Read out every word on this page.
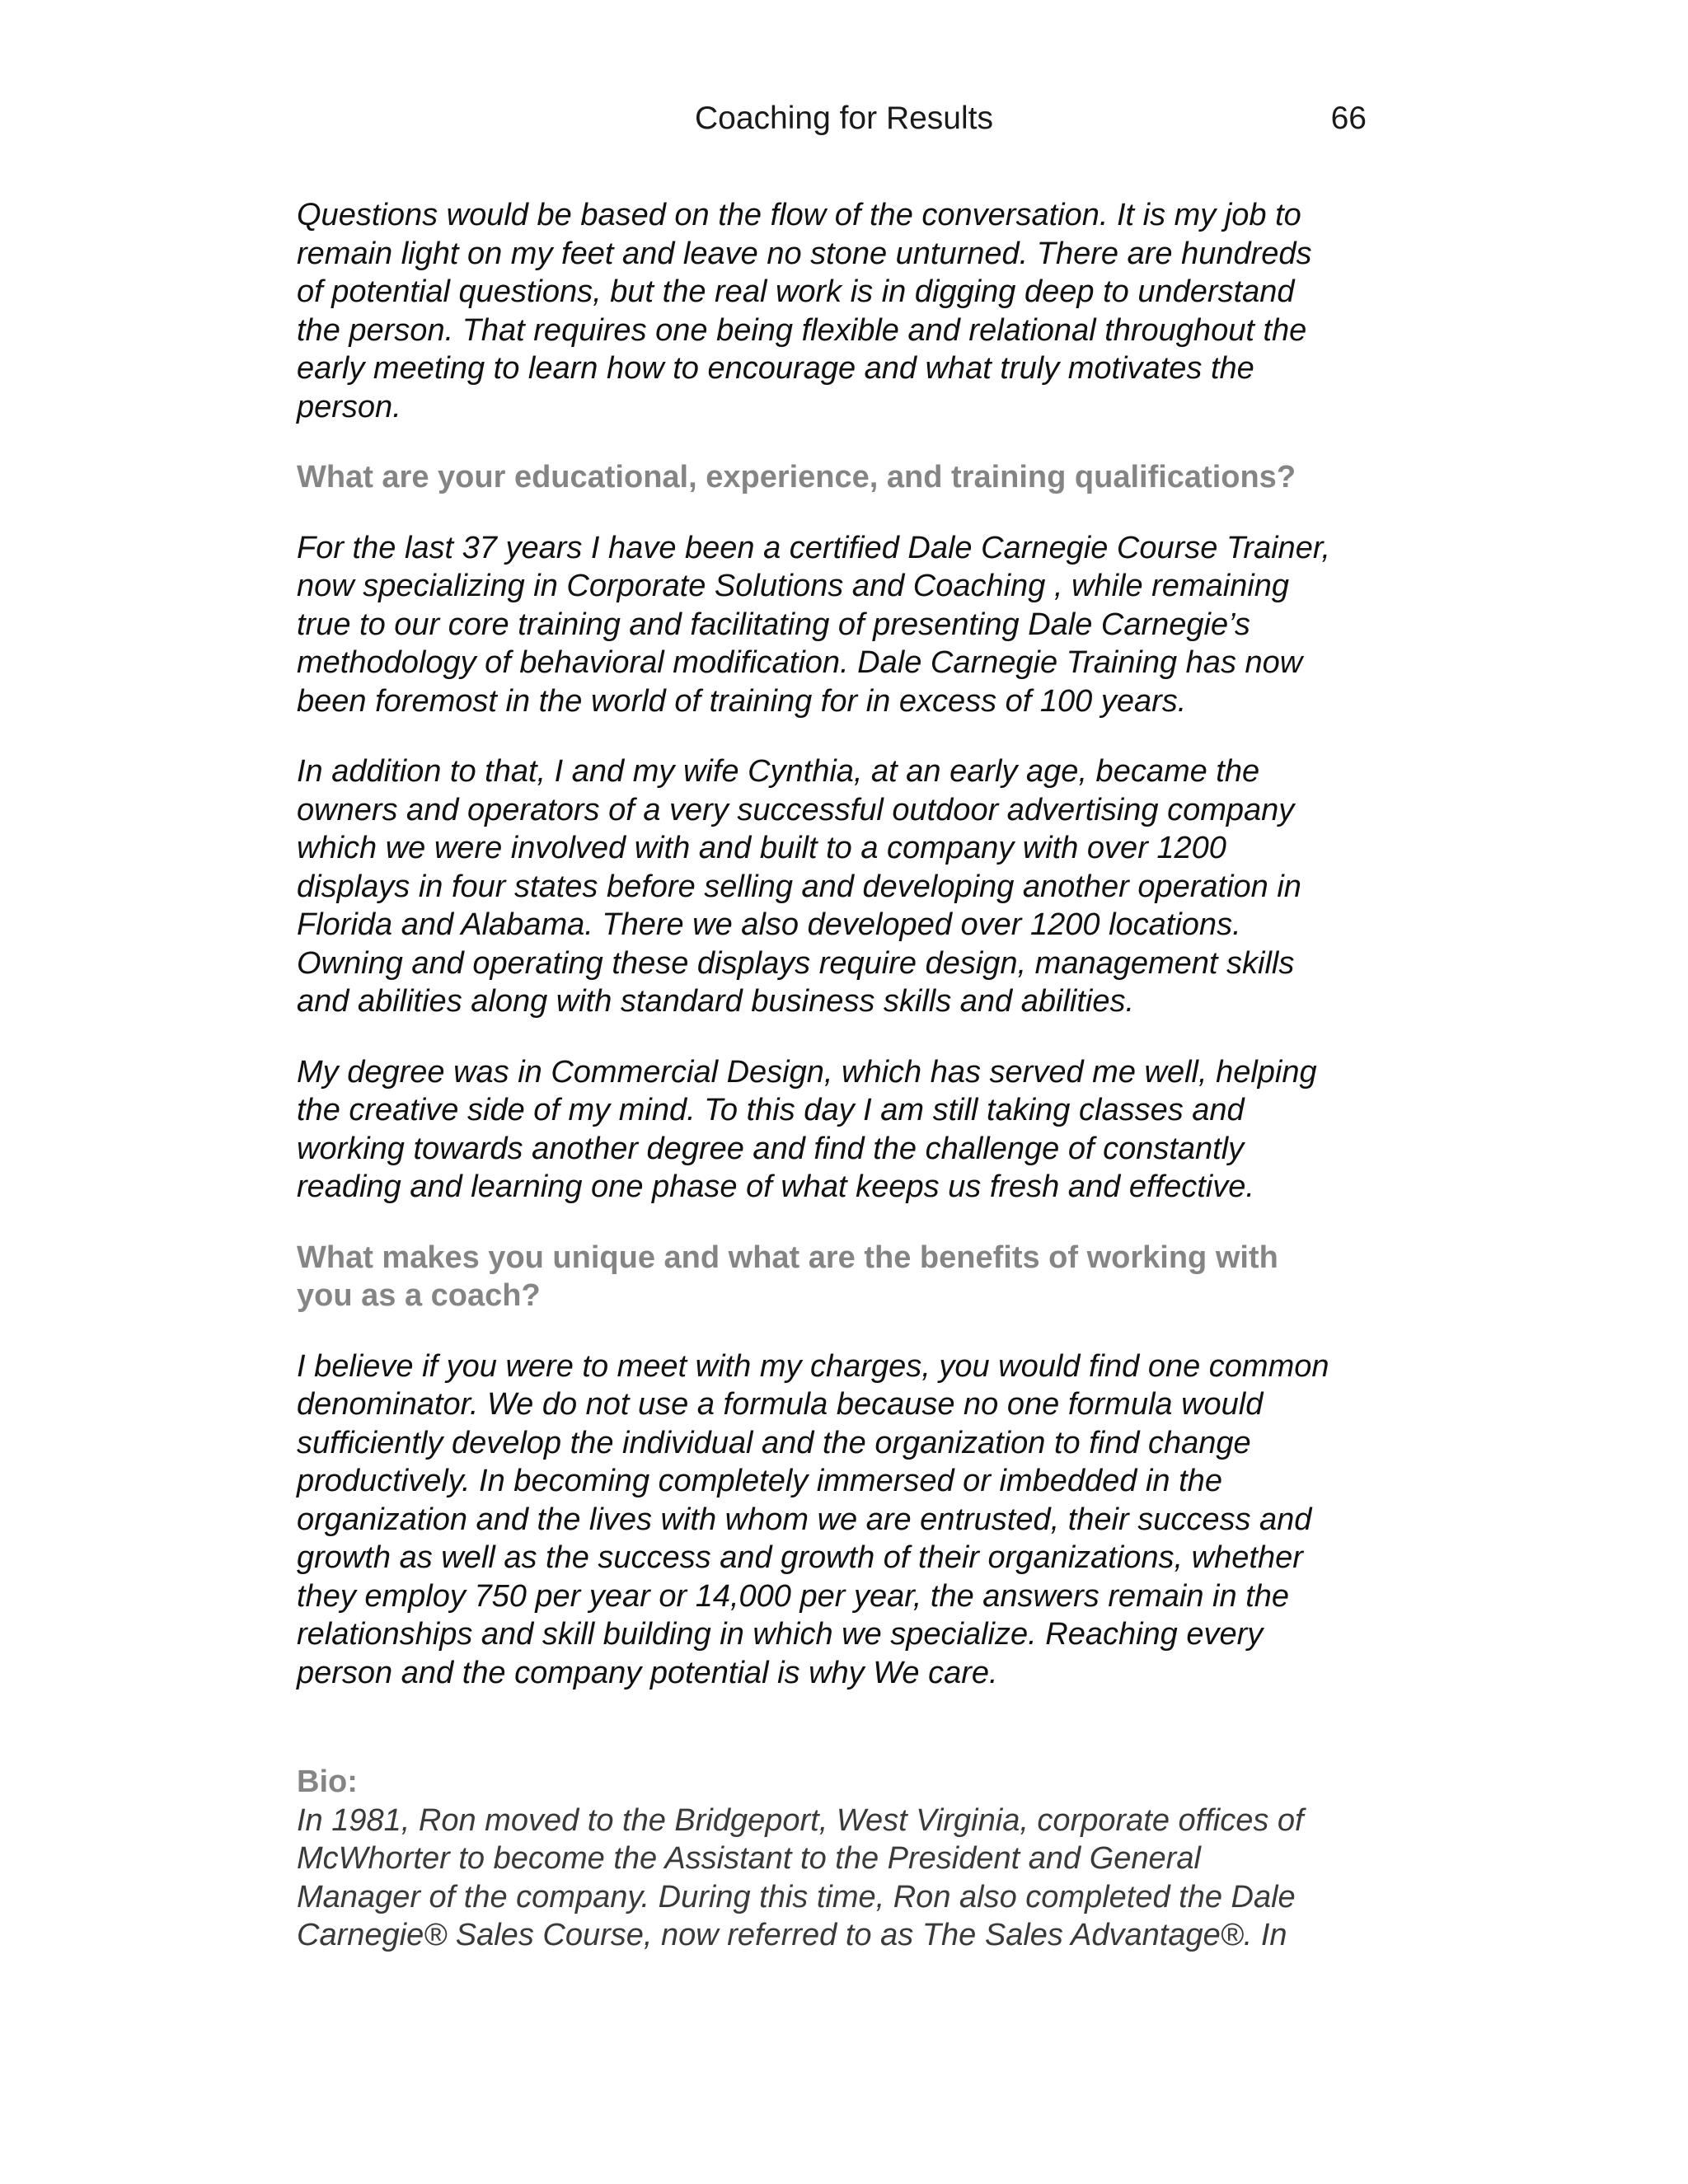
Coaching for Results	66

Questions would be based on the flow of the conversation. It is my job to
remain light on my feet and leave no stone unturned. There are hundreds
of potential questions, but the real work is in digging deep to understand
the person. That requires one being flexible and relational throughout the
early meeting to learn how to encourage and what truly motivates the
person.

What are your educational, experience, and training qualifications?

For the last 37 years I have been a certified Dale Carnegie Course Trainer,
now specializing in Corporate Solutions and Coaching , while remaining
true to our core training and facilitating of presenting Dale Carnegie’s
methodology of behavioral modification. Dale Carnegie Training has now
been foremost in the world of training for in excess of 100 years.

In addition to that, I and my wife Cynthia, at an early age, became the
owners and operators of a very successful outdoor advertising company
which we were involved with and built to a company with over 1200
displays in four states before selling and developing another operation in
Florida and Alabama. There we also developed over 1200 locations.
Owning and operating these displays require design, management skills
and abilities along with standard business skills and abilities.

My degree was in Commercial Design, which has served me well, helping
the creative side of my mind. To this day I am still taking classes and
working towards another degree and find the challenge of constantly
reading and learning one phase of what keeps us fresh and effective.

What makes you unique and what are the benefits of working with
you as a coach?

I believe if you were to meet with my charges, you would find one common
denominator. We do not use a formula because no one formula would
sufficiently develop the individual and the organization to find change
productively. In becoming completely immersed or imbedded in the
organization and the lives with whom we are entrusted, their success and
growth as well as the success and growth of their organizations, whether
they employ 750 per year or 14,000 per year, the answers remain in the
relationships and skill building in which we specialize. Reaching every
person and the company potential is why We care.

Bio:

In 1981, Ron moved to the Bridgeport, West Virginia, corporate offices of
McWhorter to become the Assistant to the President and General
Manager of the company. During this time, Ron also completed the Dale
Carnegie® Sales Course, now referred to as The Sales Advantage®. In
